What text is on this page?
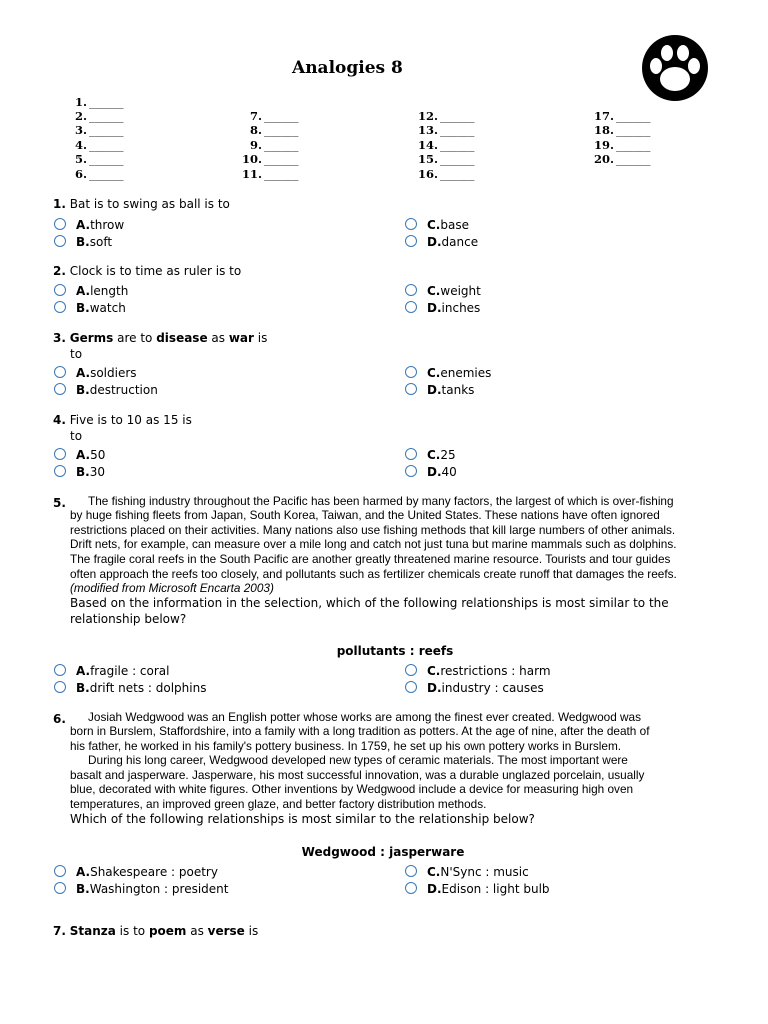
Analogies 8
1. ______
2. ______
3. ______
4. ______
5. ______
6. ______
7. ______
8. ______
9. ______
10. ______
11. ______
12. ______
13. ______
14. ______
15. ______
16. ______
17. ______
18. ______
19. ______
20. ______
1. Bat is to swing as ball is to
A.throw
B.soft
C.base
D.dance
2. Clock is to time as ruler is to
A.length
B.watch
C.weight
D.inches
3. Germs are to disease as war is
to
A.soldiers
B.destruction
C.enemies
D.tanks
4. Five is to 10 as 15 is
to
A.50
B.30
C.25
D.40
5. The fishing industry throughout the Pacific has been harmed by many factors, the largest of which is over-fishing
by huge fishing fleets from Japan, South Korea, Taiwan, and the United States. These nations have often ignored
restrictions placed on their activities. Many nations also use fishing methods that kill large numbers of other animals.
Drift nets, for example, can measure over a mile long and catch not just tuna but marine mammals such as dolphins.
The fragile coral reefs in the South Pacific are another greatly threatened marine resource. Tourists and tour guides
often approach the reefs too closely, and pollutants such as fertilizer chemicals create runoff that damages the reefs.
(modified from Microsoft Encarta 2003)
Based on the information in the selection, which of the following relationships is most similar to the
relationship below?
pollutants : reefs
A.fragile : coral
B.drift nets : dolphins
C.restrictions : harm
D.industry : causes
6. Josiah Wedgwood was an English potter whose works are among the finest ever created. Wedgwood was
born in Burslem, Staffordshire, into a family with a long tradition as potters. At the age of nine, after the death of
his father, he worked in his family's pottery business. In 1759, he set up his own pottery works in Burslem.
During his long career, Wedgwood developed new types of ceramic materials. The most important were
basalt and jasperware. Jasperware, his most successful innovation, was a durable unglazed porcelain, usually
blue, decorated with white figures. Other inventions by Wedgwood include a device for measuring high oven
temperatures, an improved green glaze, and better factory distribution methods.
Which of the following relationships is most similar to the relationship below?
Wedgwood : jasperware
A.Shakespeare : poetry
B.Washington : president
C.N'Sync : music
D.Edison : light bulb
7. Stanza is to poem as verse is
